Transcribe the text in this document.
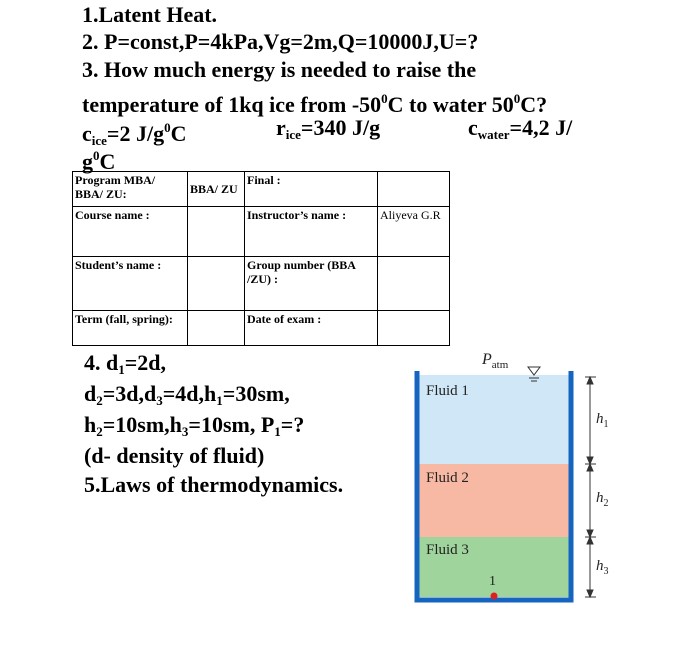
1.Latent Heat.
2. P=const,P=4kPa,Vg=2m,Q=10000J,U=?
3. How much energy is needed to raise the
temperature of 1kq ice from $-50^0C$ to water $50^0C$?
$c_{ice}=2$ $J/g^0C$	$r_{ice}=340$ J/g	$c_{water}=4,2$ J/
$g^0C$
Program MBA/ BBA/ ZU:	BBA/ ZU	Final :	
Course name :		Instructor’s name :	Aliyeva G.R
Student’s name :		Group number (BBA /ZU) :	
Term (fall, spring):		Date of exam :	
4. $d_1=2d$,
$d_2=3d,d_3=4d,h_1=30sm$,
$h_2=10sm,h_3=10sm$, $P_1=$?
(d- density of fluid)
5.Laws of thermodynamics.
$P_{atm}$
Fluid 1
Fluid 2
Fluid 3
1
$h_1$
$h_2$
$h_3$
